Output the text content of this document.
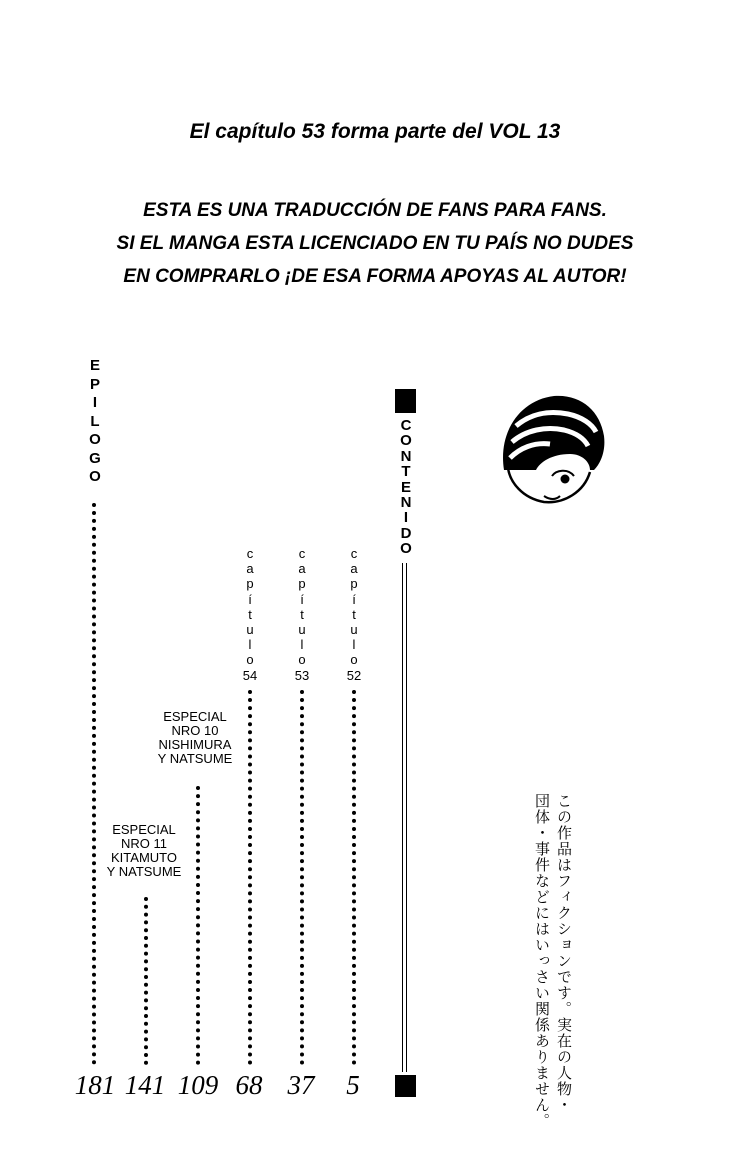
El capítulo 53 forma parte del VOL 13

ESTA ES UNA TRADUCCIÓN DE FANS PARA FANS.

SI EL MANGA ESTA LICENCIADO EN TU PAÍS NO DUDES

EN COMPRARLO ¡DE ESA FORMA APOYAS AL AUTOR!

E
P
I
L
O
G
O
ESPECIAL
NRO 11
KITAMUTO
Y NATSUME
ESPECIAL
NRO 10
NISHIMURA
Y NATSUME
c
a
p
í
t
u
l
o
54
c
a
p
í
t
u
l
o
53
c
a
p
í
t
u
l
o
52
181 141 109 68 37	5
C
O
N
T
E
N
I
D
O
この作品はフィクションです。実在の人物・
団体・事件などにはいっさい関係ありません。
